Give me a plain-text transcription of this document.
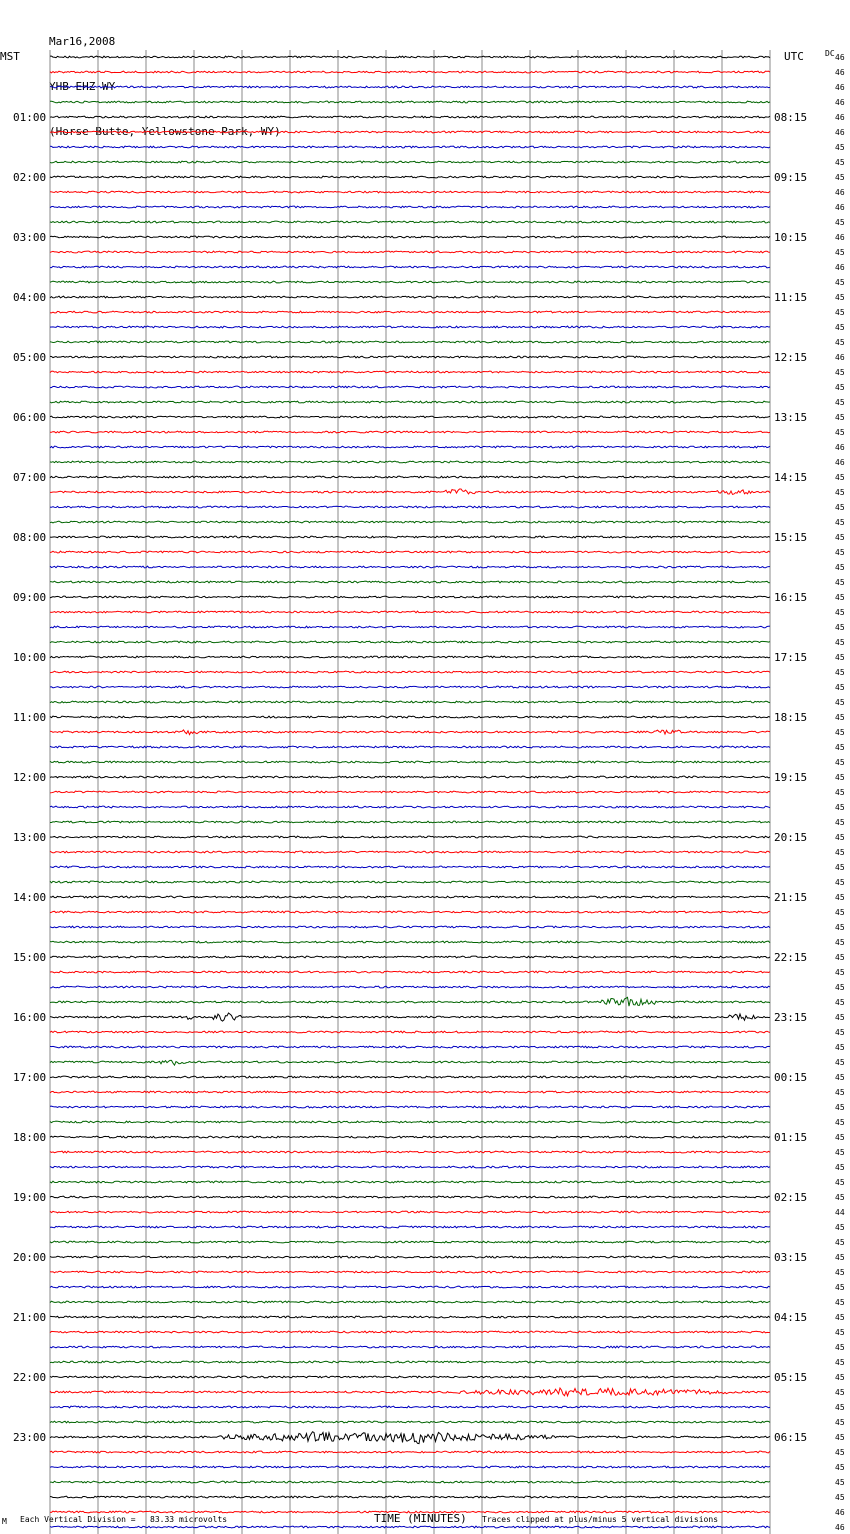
Mar16,2008

YHB EHZ WY

(Horse Butte, Yellowstone Park, WY)

MST	UTC	DC 46
46
46
46
46
46
45
45
45
46
46
45
46
45
46
45
45
45
45
45
46
45
45
45
45
45
46
46
45
45
45
45
45
45
45
45
45
45
45
45
45
45
45
45
45
45
45
45
45
45
45
45
45
45
45
45
45
45
45
45
45
45
45
45
45
45
45
45
45
45
45
45
45
45
45
45
45
44
45
45
45
45
45
45
45
45
45
45
45
45
45
45
45
45
45
45
45
46
46
01:00	08:15
02:00	09:15
03:00	10:15
04:00	11:15
05:00	12:15
06:00	13:15
07:00	14:15
08:00	15:15
09:00	16:15
10:00	17:15
11:00	18:15
12:00	19:15
13:00	20:15
14:00	21:15
15:00	22:15
16:00	23:15
17:00	00:15
18:00	01:15
19:00	02:15
20:00	03:15
21:00	04:15
22:00	05:15
23:00	06:15
M Each Vertical Division =   83.33 microvolts	TIME (MINUTES) Traces clipped at plus/minus 5 vertical divisions
